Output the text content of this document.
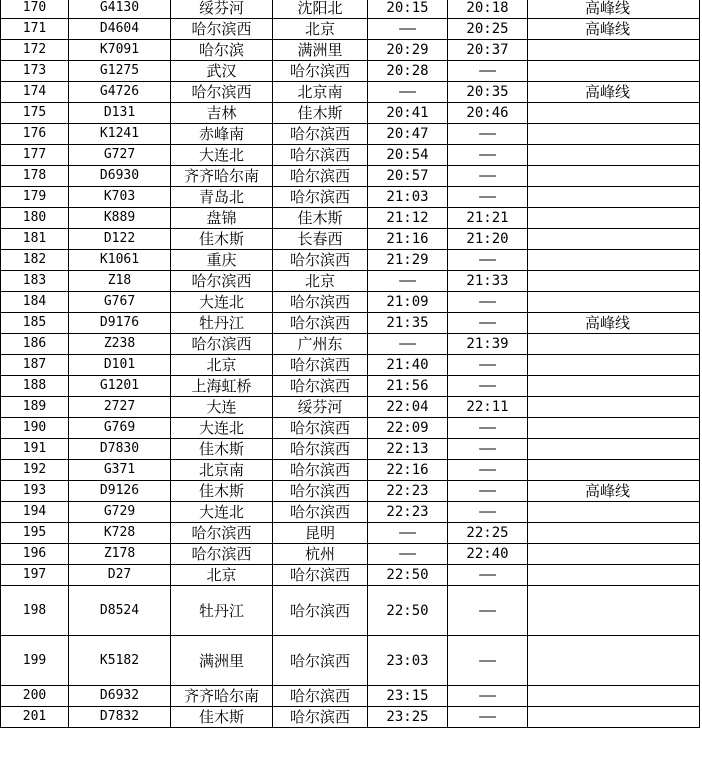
170	G4130	绥芬河	沈阳北	20:15	20:18	高峰线
171	D4604	哈尔滨西	北京	——	20:25	高峰线
172	K7091	哈尔滨	满洲里	20:29	20:37	
173	G1275	武汉	哈尔滨西	20:28	——	
174	G4726	哈尔滨西	北京南	——	20:35	高峰线
175	D131	吉林	佳木斯	20:41	20:46	
176	K1241	赤峰南	哈尔滨西	20:47	——	
177	G727	大连北	哈尔滨西	20:54	——	
178	D6930	齐齐哈尔南	哈尔滨西	20:57	——	
179	K703	青岛北	哈尔滨西	21:03	——	
180	K889	盘锦	佳木斯	21:12	21:21	
181	D122	佳木斯	长春西	21:16	21:20	
182	K1061	重庆	哈尔滨西	21:29	——	
183	Z18	哈尔滨西	北京	——	21:33	
184	G767	大连北	哈尔滨西	21:09	——	
185	D9176	牡丹江	哈尔滨西	21:35	——	高峰线
186	Z238	哈尔滨西	广州东	——	21:39	
187	D101	北京	哈尔滨西	21:40	——	
188	G1201	上海虹桥	哈尔滨西	21:56	——	
189	2727	大连	绥芬河	22:04	22:11	
190	G769	大连北	哈尔滨西	22:09	——	
191	D7830	佳木斯	哈尔滨西	22:13	——	
192	G371	北京南	哈尔滨西	22:16	——	
193	D9126	佳木斯	哈尔滨西	22:23	——	高峰线
194	G729	大连北	哈尔滨西	22:23	——	
195	K728	哈尔滨西	昆明	——	22:25	
196	Z178	哈尔滨西	杭州	——	22:40	
197	D27	北京	哈尔滨西	22:50	——	
198	D8524	牡丹江	哈尔滨西	22:50	——	
199	K5182	满洲里	哈尔滨西	23:03	——	
200	D6932	齐齐哈尔南	哈尔滨西	23:15	——	
201	D7832	佳木斯	哈尔滨西	23:25	——	
